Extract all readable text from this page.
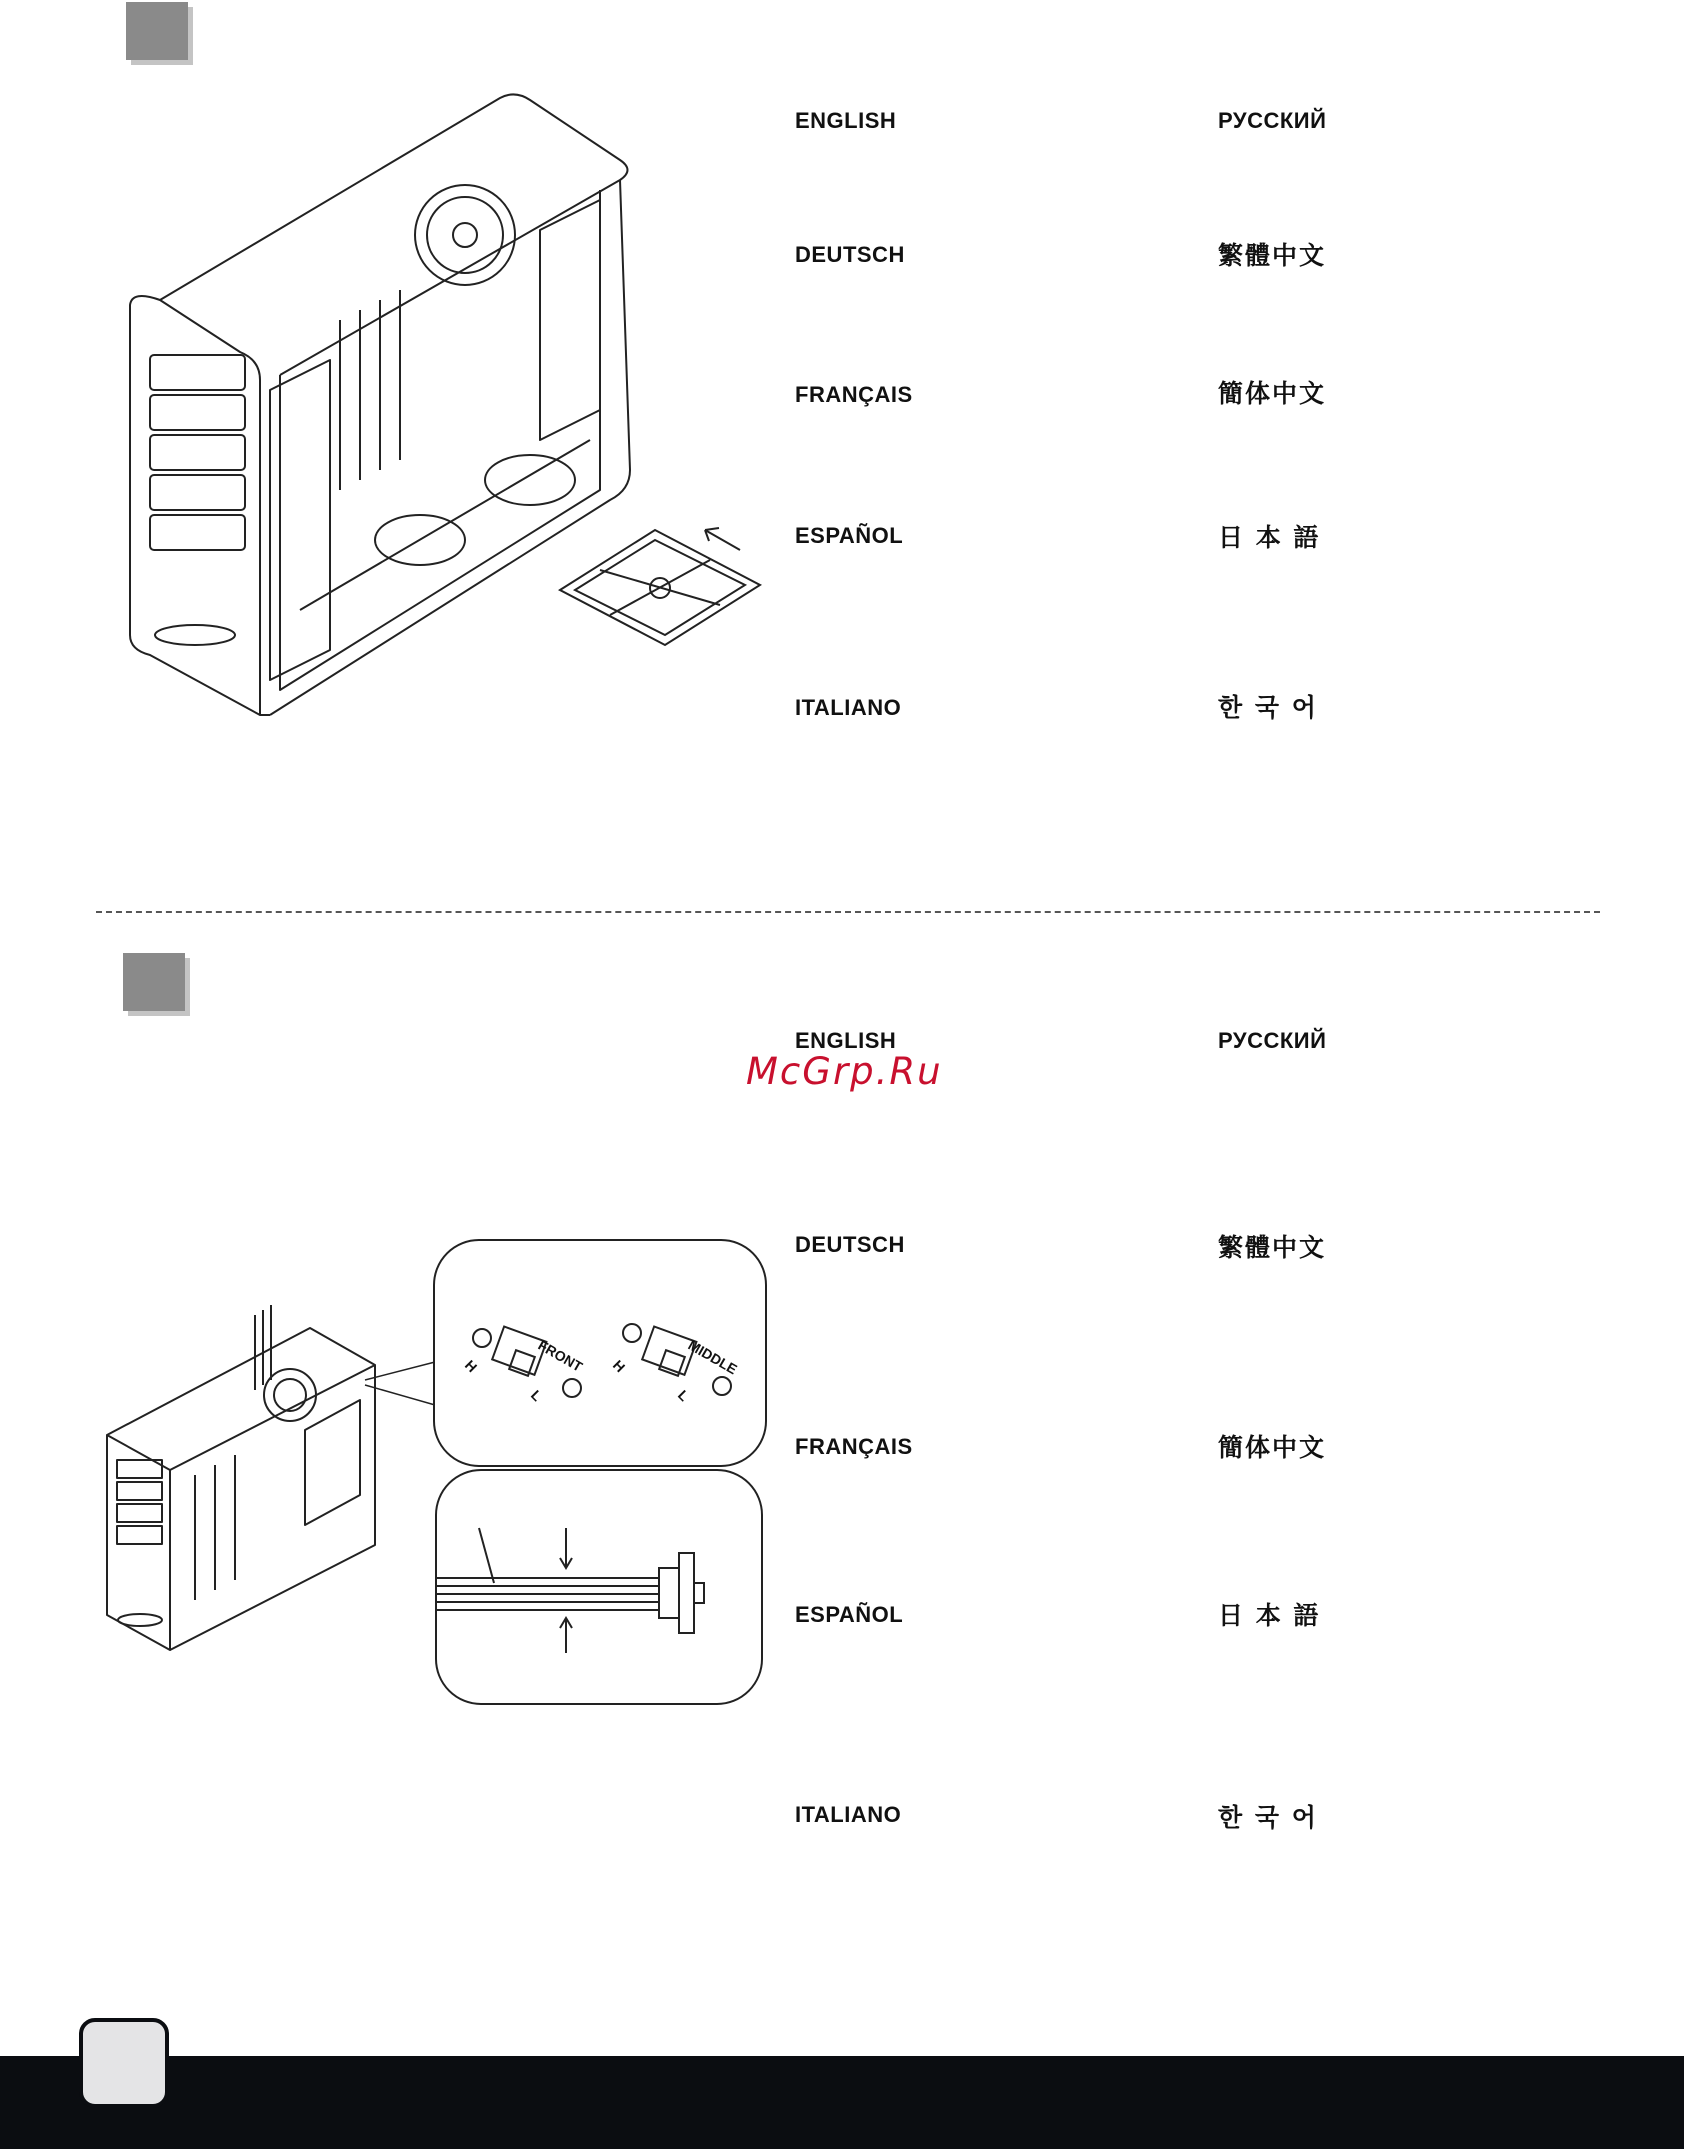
ENGLISH
DEUTSCH
FRANÇAIS
ESPAÑOL
ITALIANO
РУССКИЙ
繁體中文
簡体中文
日 本 語
한 국 어
McGrp.Ru
FRONT	MIDDLE
H
L
H
L
ENGLISH
DEUTSCH
FRANÇAIS
ESPAÑOL
ITALIANO
РУССКИЙ
繁體中文
簡体中文
日 本 語
한 국 어
